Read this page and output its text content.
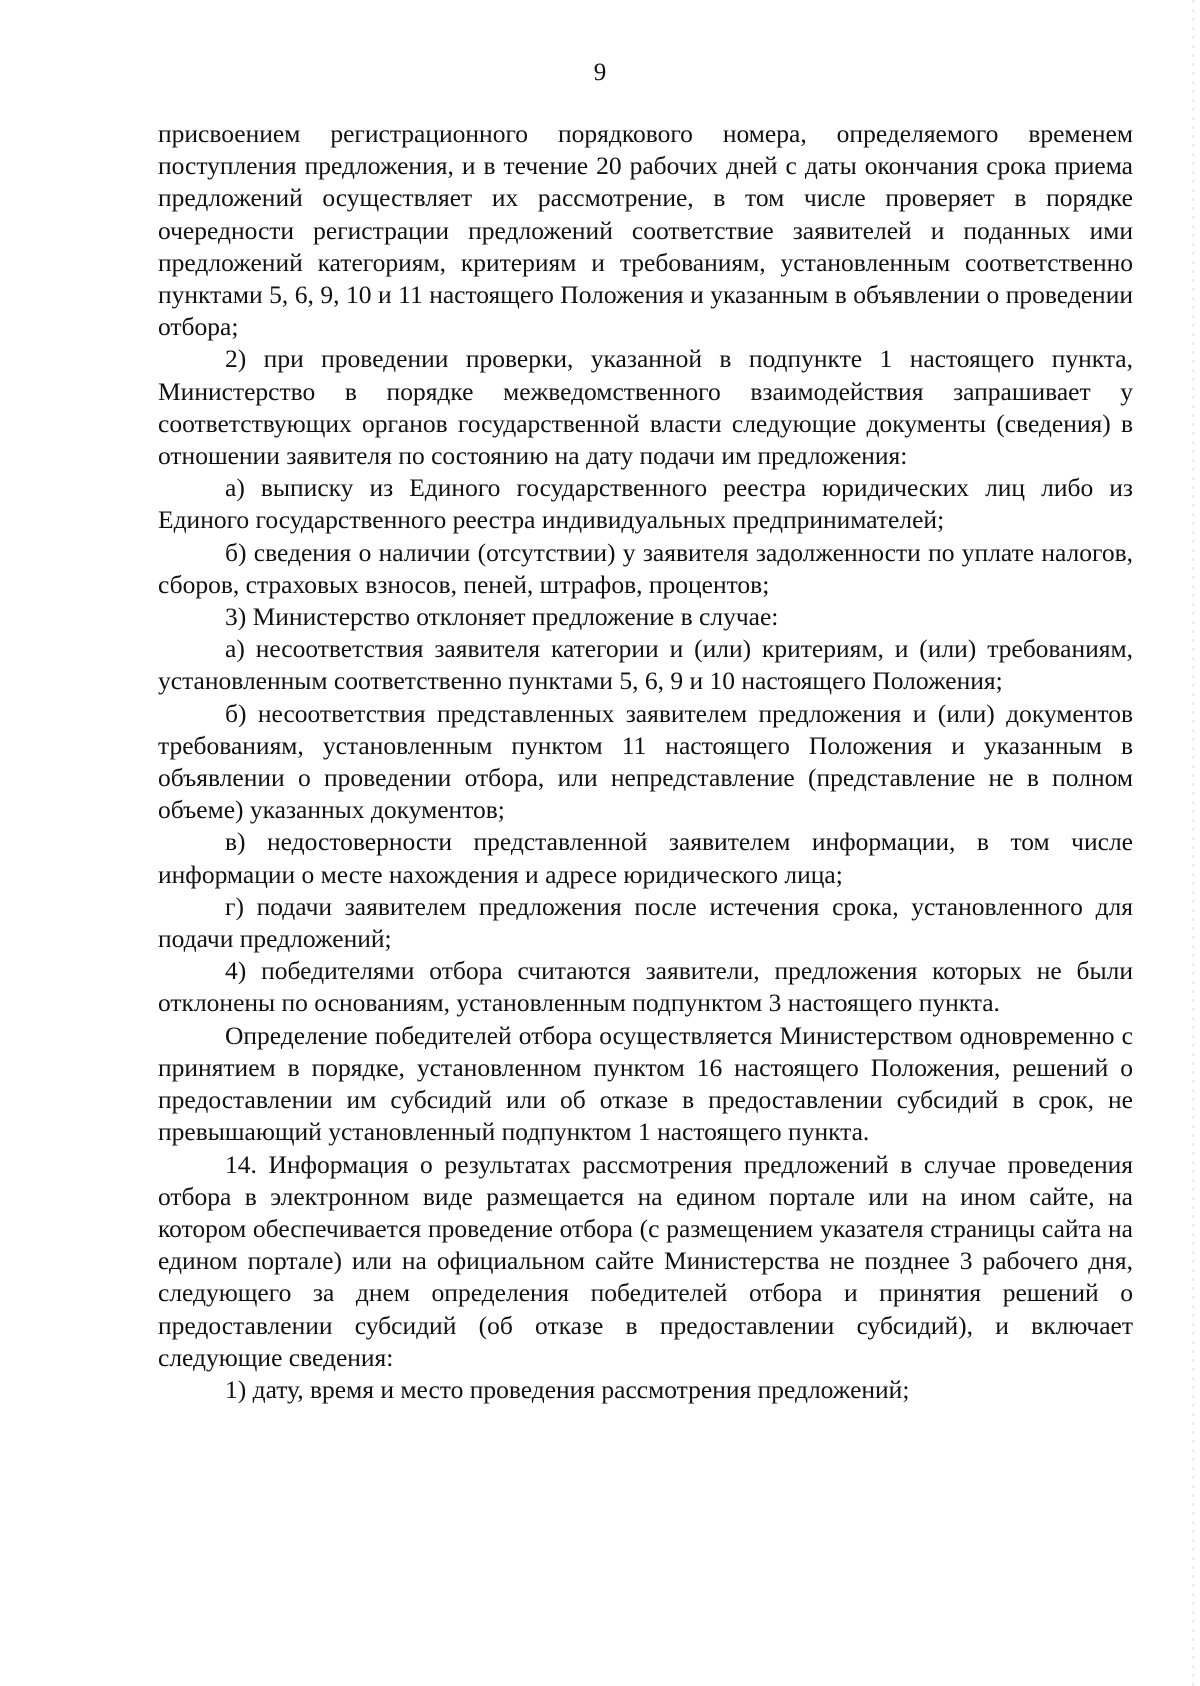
9

присвоением регистрационного порядкового номера, определяемого временем поступления предложения, и в течение 20 рабочих дней с даты окончания срока приема предложений осуществляет их рассмотрение, в том числе проверяет в порядке очередности регистрации предложений соответствие заявителей и поданных ими предложений категориям, критериям и требованиям, установленным соответственно пунктами 5, 6, 9, 10 и 11 настоящего Положения и указанным в объявлении о проведении отбора;

2) при проведении проверки, указанной в подпункте 1 настоящего пункта, Министерство в порядке межведомственного взаимодействия запрашивает у соответствующих органов государственной власти следующие документы (сведения) в отношении заявителя по состоянию на дату подачи им предложения:

а) выписку из Единого государственного реестра юридических лиц либо из Единого государственного реестра индивидуальных предпринимателей;

б) сведения о наличии (отсутствии) у заявителя задолженности по уплате налогов, сборов, страховых взносов, пеней, штрафов, процентов;

3) Министерство отклоняет предложение в случае:

а) несоответствия заявителя категории и (или) критериям, и (или) требованиям, установленным соответственно пунктами 5, 6, 9 и 10 настоящего Положения;

б) несоответствия представленных заявителем предложения и (или) документов требованиям, установленным пунктом 11 настоящего Положения и указанным в объявлении о проведении отбора, или непредставление (представление не в полном объеме) указанных документов;

в) недостоверности представленной заявителем информации, в том числе информации о месте нахождения и адресе юридического лица;

г) подачи заявителем предложения после истечения срока, установленного для подачи предложений;

4) победителями отбора считаются заявители, предложения которых не были отклонены по основаниям, установленным подпунктом 3 настоящего пункта.

Определение победителей отбора осуществляется Министерством одновременно с принятием в порядке, установленном пунктом 16 настоящего Положения, решений о предоставлении им субсидий или об отказе в предоставлении субсидий в срок, не превышающий установленный подпунктом 1 настоящего пункта.

14. Информация о результатах рассмотрения предложений в случае проведения отбора в электронном виде размещается на едином портале или на ином сайте, на котором обеспечивается проведение отбора (с размещением указателя страницы сайта на едином портале) или на официальном сайте Министерства не позднее 3 рабочего дня, следующего за днем определения победителей отбора и принятия решений о предоставлении субсидий (об отказе в предоставлении субсидий), и включает следующие сведения:

1) дату, время и место проведения рассмотрения предложений;
